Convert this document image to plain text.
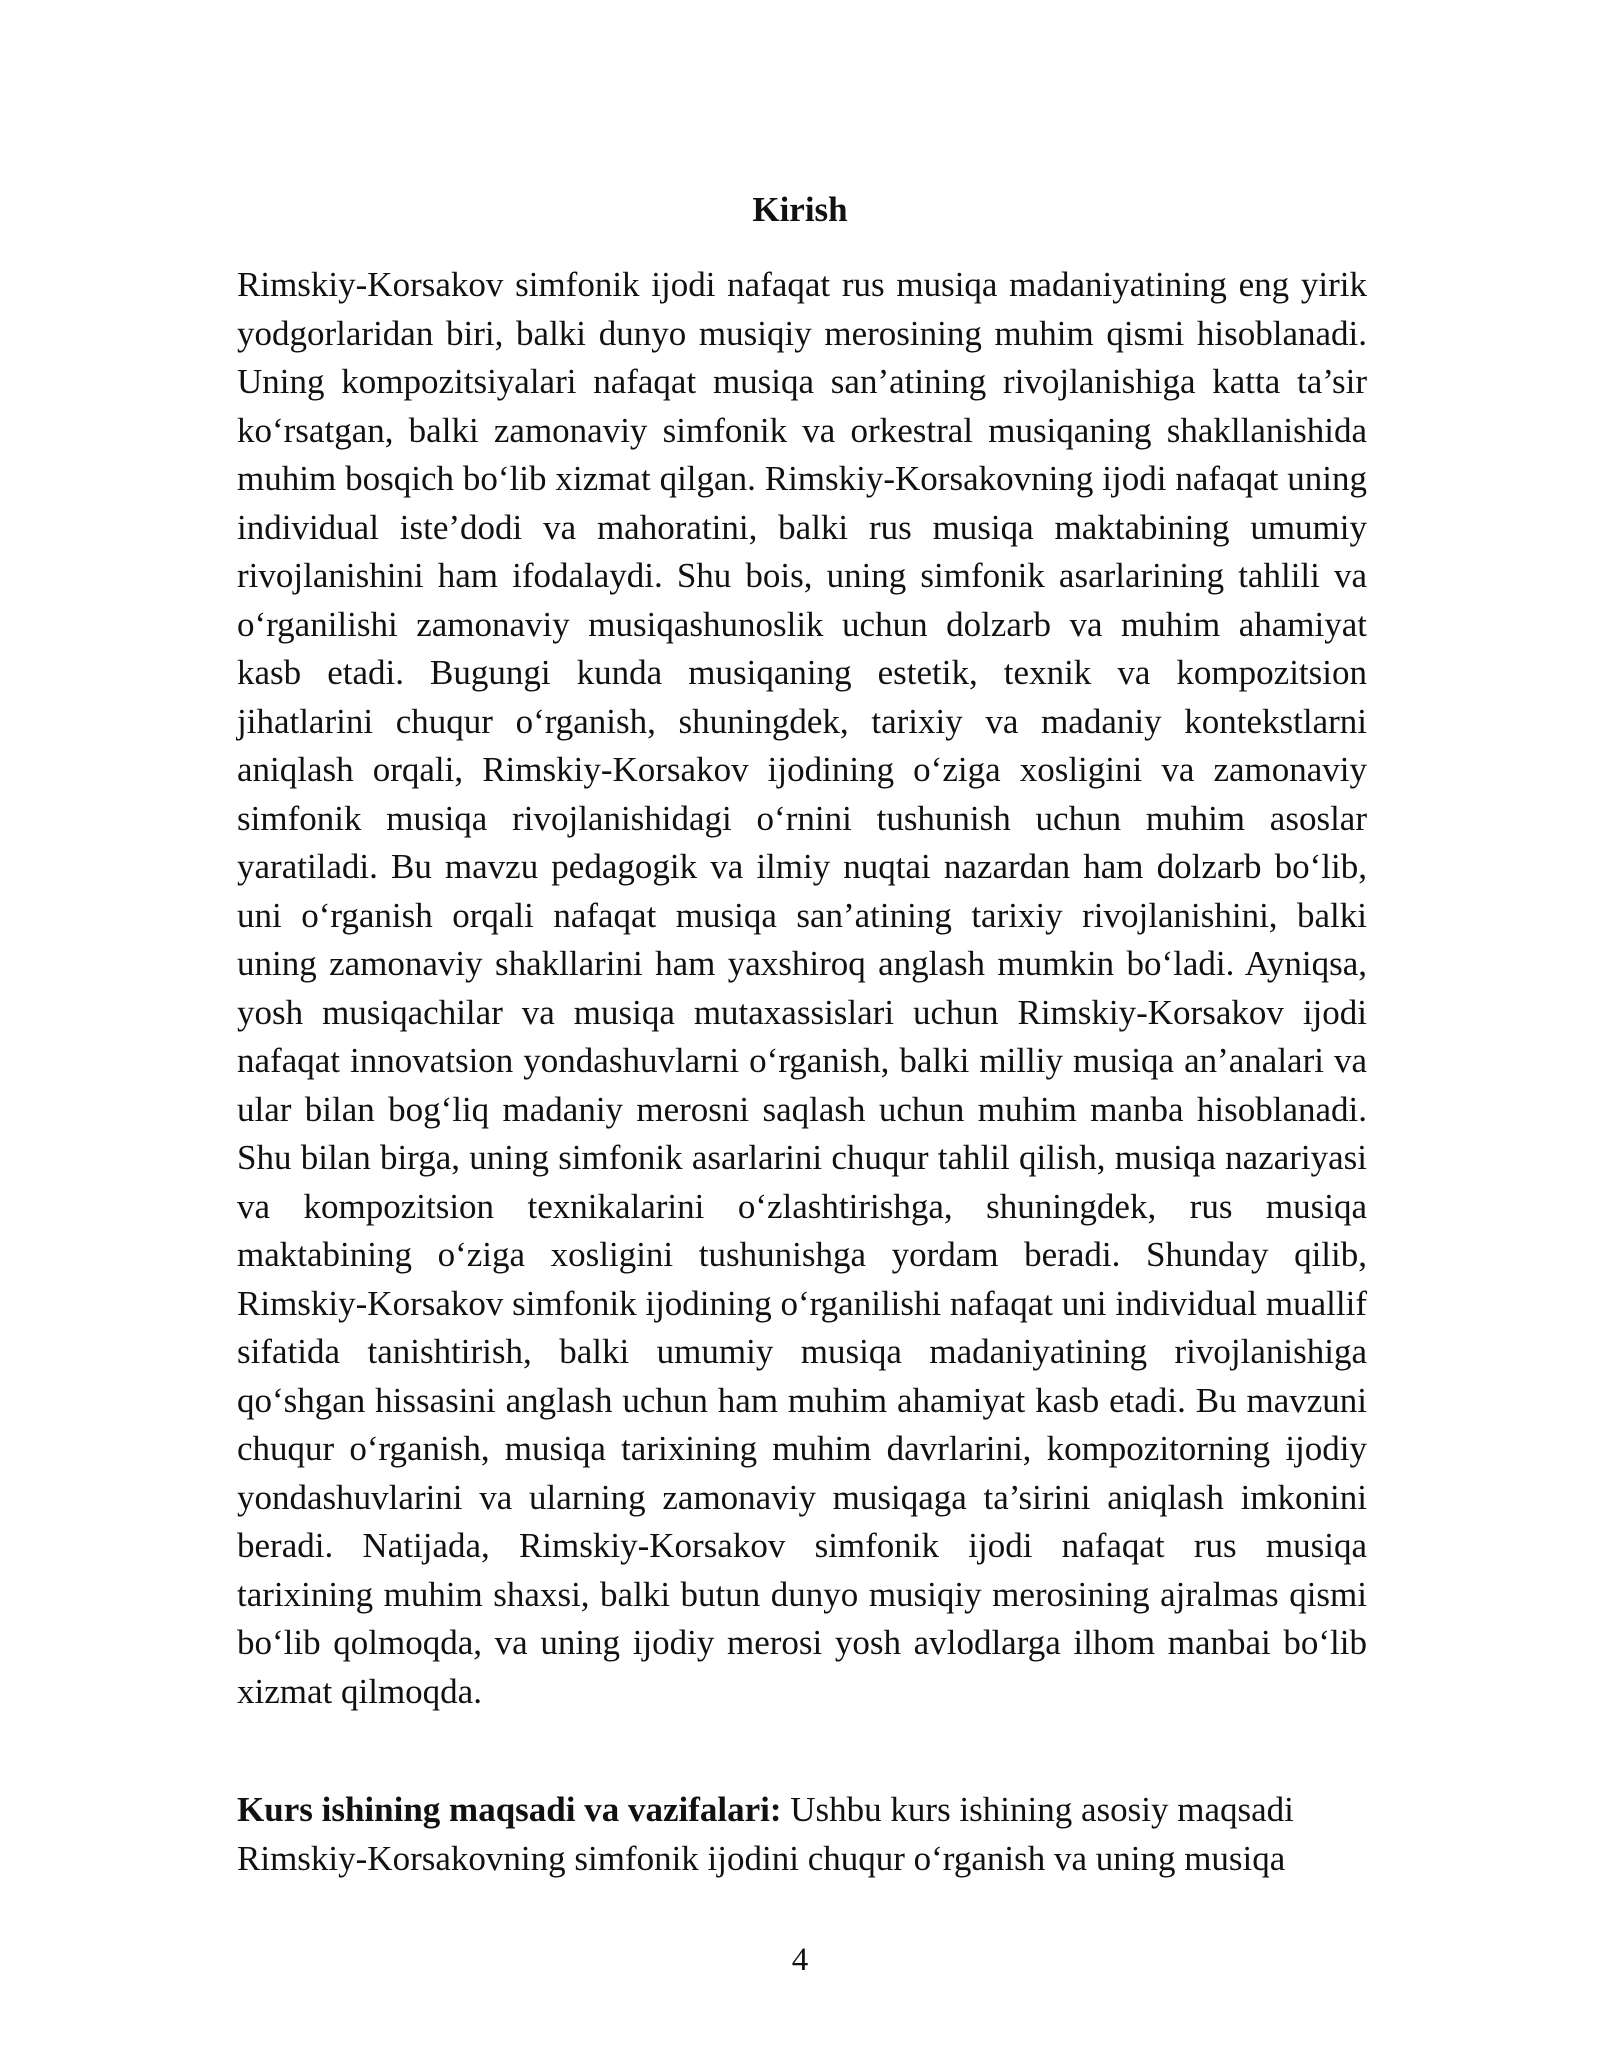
Kirish

Rimskiy-Korsakov simfonik ijodi nafaqat rus musiqa madaniyatining eng yirik yodgorlaridan biri, balki dunyo musiqiy merosining muhim qismi hisoblanadi. Uning kompozitsiyalari nafaqat musiqa san’atining rivojlanishiga katta ta’sir ko‘rsatgan, balki zamonaviy simfonik va orkestral musiqaning shakllanishida muhim bosqich bo‘lib xizmat qilgan. Rimskiy-Korsakovning ijodi nafaqat uning individual iste’dodi va mahoratini, balki rus musiqa maktabining umumiy rivojlanishini ham ifodalaydi. Shu bois, uning simfonik asarlarining tahlili va o‘rganilishi zamonaviy musiqashunoslik uchun dolzarb va muhim ahamiyat kasb etadi. Bugungi kunda musiqaning estetik, texnik va kompozitsion jihatlarini chuqur o‘rganish, shuningdek, tarixiy va madaniy kontekstlarni aniqlash orqali, Rimskiy-Korsakov ijodining o‘ziga xosligini va zamonaviy simfonik musiqa rivojlanishidagi o‘rnini tushunish uchun muhim asoslar yaratiladi. Bu mavzu pedagogik va ilmiy nuqtai nazardan ham dolzarb bo‘lib, uni o‘rganish orqali nafaqat musiqa san’atining tarixiy rivojlanishini, balki uning zamonaviy shakllarini ham yaxshiroq anglash mumkin bo‘ladi. Ayniqsa, yosh musiqachilar va musiqa mutaxassislari uchun Rimskiy-Korsakov ijodi nafaqat innovatsion yondashuvlarni o‘rganish, balki milliy musiqa an’analari va ular bilan bog‘liq madaniy merosni saqlash uchun muhim manba hisoblanadi. Shu bilan birga, uning simfonik asarlarini chuqur tahlil qilish, musiqa nazariyasi va kompozitsion texnikalarini o‘zlashtirishga, shuningdek, rus musiqa maktabining o‘ziga xosligini tushunishga yordam beradi. Shunday qilib, Rimskiy-Korsakov simfonik ijodining o‘rganilishi nafaqat uni individual muallif sifatida tanishtirish, balki umumiy musiqa madaniyatining rivojlanishiga qo‘shgan hissasini anglash uchun ham muhim ahamiyat kasb etadi. Bu mavzuni chuqur o‘rganish, musiqa tarixining muhim davrlarini, kompozitorning ijodiy yondashuvlarini va ularning zamonaviy musiqaga ta’sirini aniqlash imkonini beradi. Natijada, Rimskiy-Korsakov simfonik ijodi nafaqat rus musiqa tarixining muhim shaxsi, balki butun dunyo musiqiy merosining ajralmas qismi bo‘lib qolmoqda, va uning ijodiy merosi yosh avlodlarga ilhom manbai bo‘lib xizmat qilmoqda.

Kurs ishining maqsadi va vazifalari: Ushbu kurs ishining asosiy maqsadi Rimskiy-Korsakovning simfonik ijodini chuqur o‘rganish va uning musiqa

4
